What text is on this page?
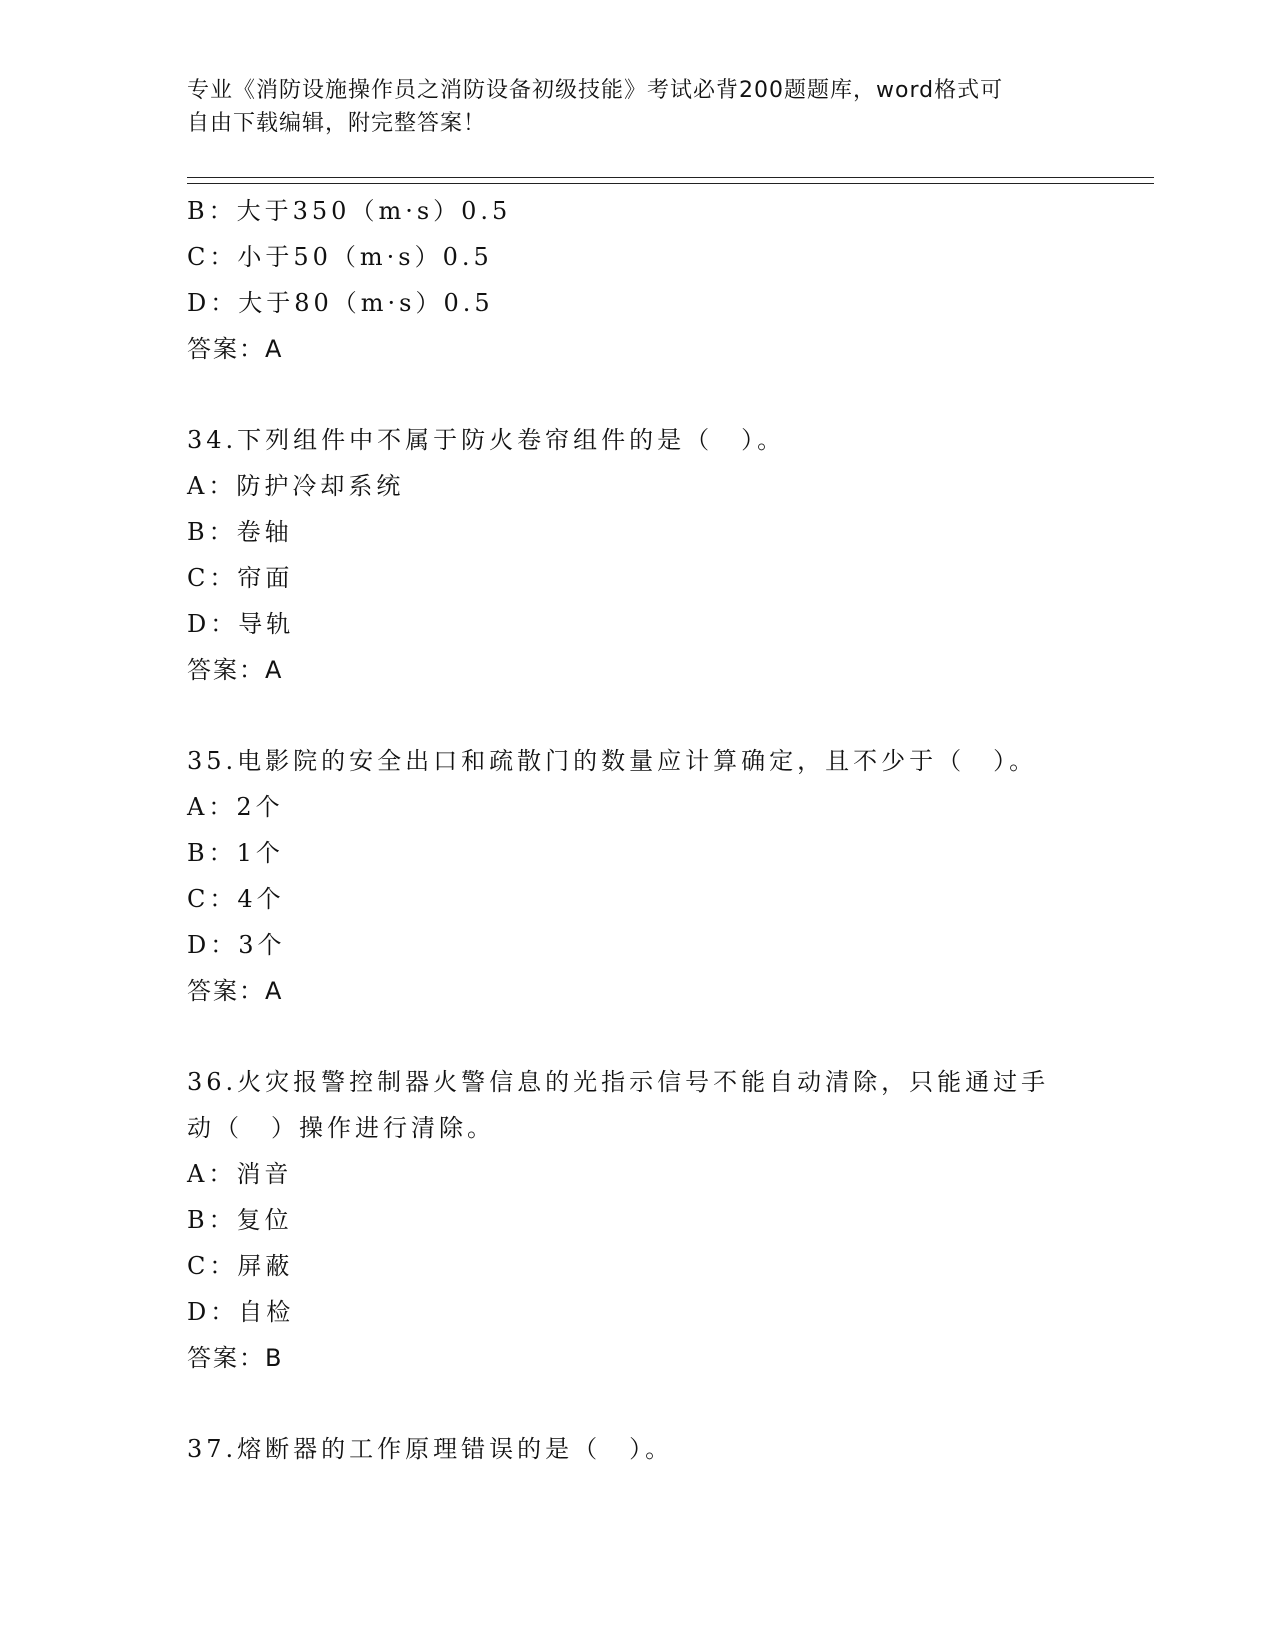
专业《消防设施操作员之消防设备初级技能》考试必背200题题库，word格式可
自由下载编辑，附完整答案！
B：大于350（m·s）0.5
C：小于50（m·s）0.5
D：大于80（m·s）0.5
答案：A
34.下列组件中不属于防火卷帘组件的是（　）。
A：防护冷却系统
B：卷轴
C：帘面
D：导轨
答案：A
35.电影院的安全出口和疏散门的数量应计算确定，且不少于（　）。
A：2个
B：1个
C：4个
D：3个
答案：A
36.火灾报警控制器火警信息的光指示信号不能自动清除，只能通过手
动（　）操作进行清除。
A：消音
B：复位
C：屏蔽
D：自检
答案：B
37.熔断器的工作原理错误的是（　）。
